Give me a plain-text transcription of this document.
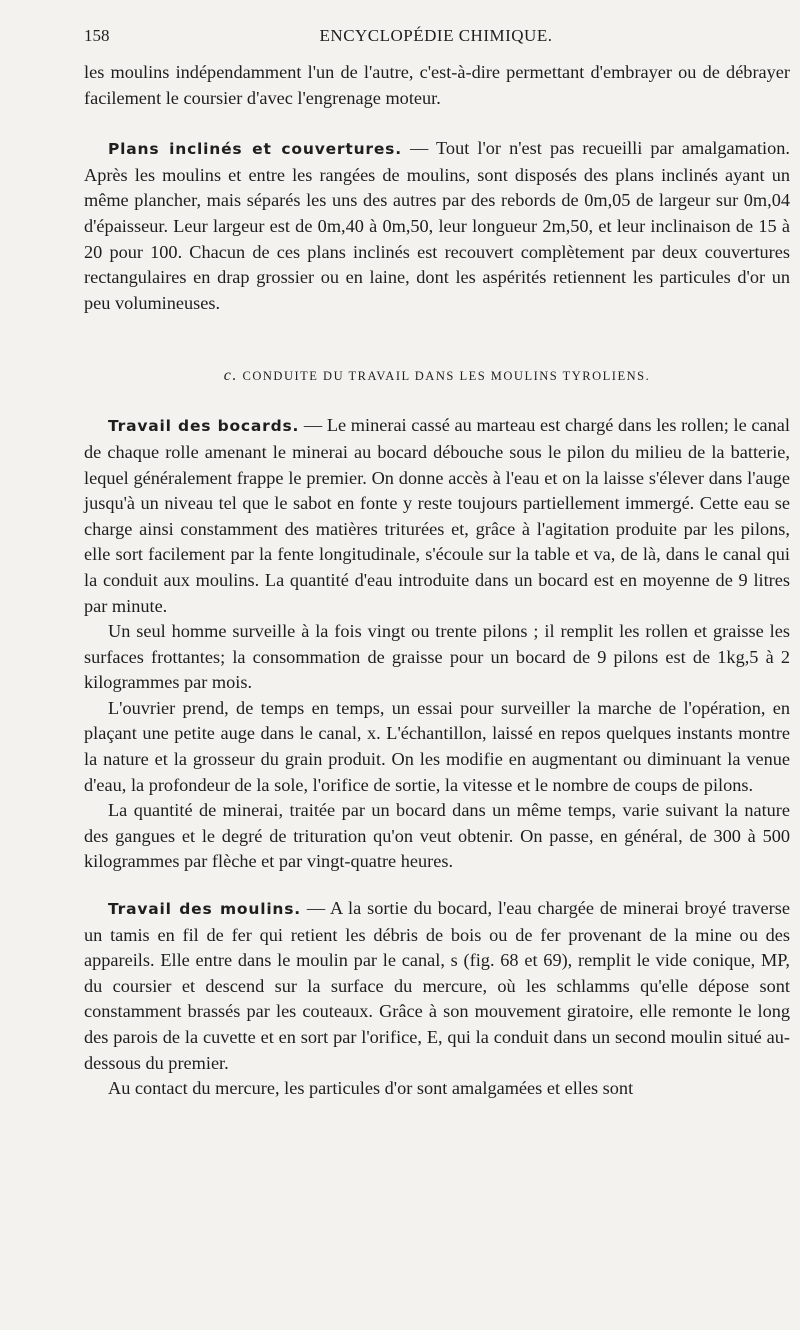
158	ENCYCLOPÉDIE CHIMIQUE.

les moulins indépendamment l'un de l'autre, c'est-à-dire permettant d'embrayer ou de débrayer facilement le coursier d'avec l'engrenage moteur.

Plans inclinés et couvertures. — Tout l'or n'est pas recueilli par amalgamation. Après les moulins et entre les rangées de moulins, sont disposés des plans inclinés ayant un même plancher, mais séparés les uns des autres par des rebords de 0m,05 de largeur sur 0m,04 d'épaisseur. Leur largeur est de 0m,40 à 0m,50, leur longueur 2m,50, et leur inclinaison de 15 à 20 pour 100. Chacun de ces plans inclinés est recouvert complètement par deux couvertures rectangulaires en drap grossier ou en laine, dont les aspérités retiennent les particules d'or un peu volumineuses.

c. CONDUITE DU TRAVAIL DANS LES MOULINS TYROLIENS.

Travail des bocards. — Le minerai cassé au marteau est chargé dans les rollen; le canal de chaque rolle amenant le minerai au bocard débouche sous le pilon du milieu de la batterie, lequel généralement frappe le premier. On donne accès à l'eau et on la laisse s'élever dans l'auge jusqu'à un niveau tel que le sabot en fonte y reste toujours partiellement immergé. Cette eau se charge ainsi constamment des matières triturées et, grâce à l'agitation produite par les pilons, elle sort facilement par la fente longitudinale, s'écoule sur la table et va, de là, dans le canal qui la conduit aux moulins. La quantité d'eau introduite dans un bocard est en moyenne de 9 litres par minute.

Un seul homme surveille à la fois vingt ou trente pilons ; il remplit les rollen et graisse les surfaces frottantes; la consommation de graisse pour un bocard de 9 pilons est de 1kg,5 à 2 kilogrammes par mois.

L'ouvrier prend, de temps en temps, un essai pour surveiller la marche de l'opération, en plaçant une petite auge dans le canal, x. L'échantillon, laissé en repos quelques instants montre la nature et la grosseur du grain produit. On les modifie en augmentant ou diminuant la venue d'eau, la profondeur de la sole, l'orifice de sortie, la vitesse et le nombre de coups de pilons.

La quantité de minerai, traitée par un bocard dans un même temps, varie suivant la nature des gangues et le degré de trituration qu'on veut obtenir. On passe, en général, de 300 à 500 kilogrammes par flèche et par vingt-quatre heures.

Travail des moulins. — A la sortie du bocard, l'eau chargée de minerai broyé traverse un tamis en fil de fer qui retient les débris de bois ou de fer provenant de la mine ou des appareils. Elle entre dans le moulin par le canal, s (fig. 68 et 69), remplit le vide conique, MP, du coursier et descend sur la surface du mercure, où les schlamms qu'elle dépose sont constamment brassés par les couteaux. Grâce à son mouvement giratoire, elle remonte le long des parois de la cuvette et en sort par l'orifice, E, qui la conduit dans un second moulin situé au-dessous du premier.

Au contact du mercure, les particules d'or sont amalgamées et elles sont
